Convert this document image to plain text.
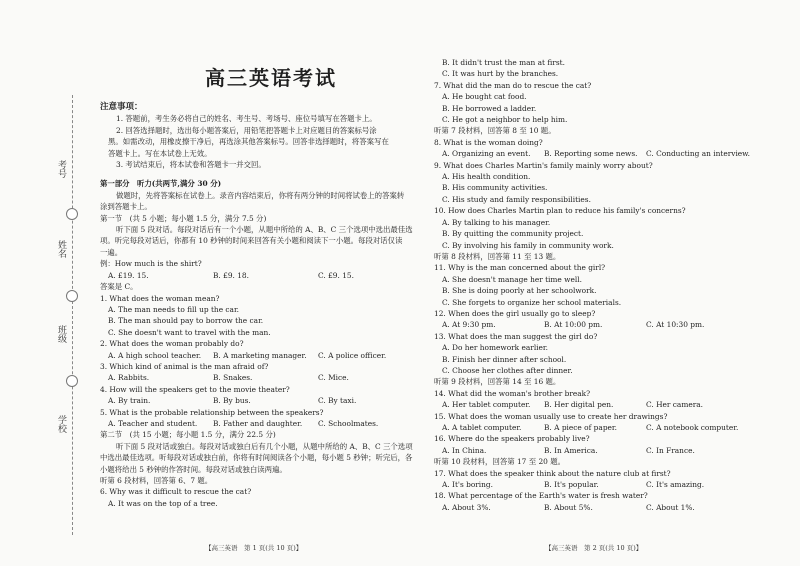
考号
姓名
班级
学校
高三英语考试

注意事项：

1. 答题前，考生务必将自己的姓名、考生号、考场号、座位号填写在答题卡上。

2. 回答选择题时，选出每小题答案后，用铅笔把答题卡上对应题目的答案标号涂

黑。如需改动，用橡皮擦干净后，再选涂其他答案标号。回答非选择题时，将答案写在

答题卡上。写在本试卷上无效。

3. 考试结束后，将本试卷和答题卡一并交回。

第一部分　听力(共两节,满分 30 分)

做题时，先将答案标在试卷上。录音内容结束后，你将有两分钟的时间将试卷上的答案转

涂到答题卡上。

第一节　(共 5 小题；每小题 1.5 分，满分 7.5 分)

听下面 5 段对话。每段对话后有一个小题，从题中所给的 A、B、C 三个选项中选出最佳选

项。听完每段对话后，你都有 10 秒钟的时间来回答有关小题和阅读下一小题。每段对话仅读

一遍。

例：How much is the shirt?

A. £19. 15.	B. £9. 18.	C. £9. 15.

答案是 C。

1. What does the woman mean?

A. The man needs to fill up the car.

B. The man should pay to borrow the car.

C. She doesn't want to travel with the man.

2. What does the woman probably do?

A. A high school teacher.	B. A marketing manager.	C. A police officer.

3. Which kind of animal is the man afraid of?

A. Rabbits.	B. Snakes.	C. Mice.

4. How will the speakers get to the movie theater?

A. By train.	B. By bus.	C. By taxi.

5. What is the probable relationship between the speakers?

A. Teacher and student.	B. Father and daughter.	C. Schoolmates.

第二节　(共 15 小题；每小题 1.5 分，满分 22.5 分)

听下面 5 段对话或独白。每段对话或独白后有几个小题，从题中所给的 A、B、C 三个选项

中选出最佳选项。听每段对话或独白前，你将有时间阅读各个小题，每小题 5 秒钟；听完后，各

小题将给出 5 秒钟的作答时间。每段对话或独白读两遍。

听第 6 段材料，回答第 6、7 题。

6. Why was it difficult to rescue the cat?

A. It was on the top of a tree.

B. It didn't trust the man at first.

C. It was hurt by the branches.

7. What did the man do to rescue the cat?

A. He bought cat food.

B. He borrowed a ladder.

C. He got a neighbor to help him.

听第 7 段材料，回答第 8 至 10 题。

8. What is the woman doing?

A. Organizing an event.	B. Reporting some news.	C. Conducting an interview.

9. What does Charles Martin's family mainly worry about?

A. His health condition.

B. His community activities.

C. His study and family responsibilities.

10. How does Charles Martin plan to reduce his family's concerns?

A. By talking to his manager.

B. By quitting the community project.

C. By involving his family in community work.

听第 8 段材料，回答第 11 至 13 题。

11. Why is the man concerned about the girl?

A. She doesn't manage her time well.

B. She is doing poorly at her schoolwork.

C. She forgets to organize her school materials.

12. When does the girl usually go to sleep?

A. At 9:30 pm.	B. At 10:00 pm.	C. At 10:30 pm.

13. What does the man suggest the girl do?

A. Do her homework earlier.

B. Finish her dinner after school.

C. Choose her clothes after dinner.

听第 9 段材料，回答第 14 至 16 题。

14. What did the woman's brother break?

A. Her tablet computer.	B. Her digital pen.	C. Her camera.

15. What does the woman usually use to create her drawings?

A. A tablet computer.	B. A piece of paper.	C. A notebook computer.

16. Where do the speakers probably live?

A. In China.	B. In America.	C. In France.

听第 10 段材料，回答第 17 至 20 题。

17. What does the speaker think about the nature club at first?

A. It's boring.	B. It's popular.	C. It's amazing.

18. What percentage of the Earth's water is fresh water?

A. About 3%.	B. About 5%.	C. About 1%.

【高三英语　第 1 页(共 10 页)】	【高三英语　第 2 页(共 10 页)】
